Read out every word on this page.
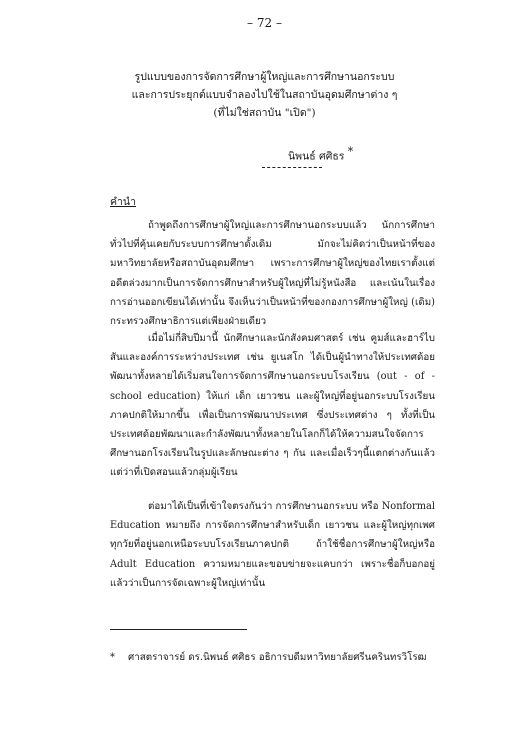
– 72 –
รูปแบบของการจัดการศึกษาผู้ใหญ่และการศึกษานอกระบบ
และการประยุกต์แบบจำลองไปใช้ในสถาบันอุดมศึกษาต่าง ๆ
(ที่ไม่ใช่สถาบัน "เปิด")
นิพนธ์ ศศิธร *
คำนำ
ถ้าพูดถึงการศึกษาผู้ใหญ่และการศึกษานอกระบบแล้ว นักการศึกษาทั่วไปที่คุ้นเคยกับระบบการศึกษาดั้งเดิม มักจะไม่คิดว่าเป็นหน้าที่ของมหาวิทยาลัยหรือสถาบันอุดมศึกษา เพราะการศึกษาผู้ใหญ่ของไทยเราตั้งแต่อดีตล่วงมากเป็นการจัดการศึกษาสำหรับผู้ใหญ่ที่ไม่รู้หนังสือ และเน้นในเรื่องการอ่านออกเขียนได้เท่านั้น จึงเห็นว่าเป็นหน้าที่ของกองการศึกษาผู้ใหญ่ (เดิม) กระทรวงศึกษาธิการแต่เพียงฝ่ายเดียว
เมื่อไม่กี่สิบปีมานี้ นักศึกษาและนักสังคมศาสตร์ เช่น คูมส์และฮาร์ไบสันและองค์การระหว่างประเทศ เช่น ยูเนสโก ได้เป็นผู้นำทางให้ประเทศด้อยพัฒนาทั้งหลายได้เริ่มสนใจการจัดการศึกษานอกระบบโรงเรียน (out - of - school education) ให้แก่ เด็ก เยาวชน และผู้ใหญ่ที่อยู่นอกระบบโรงเรียนภาคปกติให้มากขึ้น เพื่อเป็นการพัฒนาประเทศ ซึ่งประเทศต่าง ๆ ทั้งที่เป็นประเทศด้อยพัฒนาและกำลังพัฒนาทั้งหลายในโลกก็ได้ให้ความสนใจจัดการศึกษานอกโรงเรียนในรูปและลักษณะต่าง ๆ กัน และเมื่อเร็วๆนี้แตกต่างกันแล้วแต่ว่าที่เปิดสอนแล้วกลุ่มผู้เรียน
ต่อมาได้เป็นที่เข้าใจตรงกันว่า การศึกษานอกระบบ หรือ Nonformal Education หมายถึง การจัดการศึกษาสำหรับเด็ก เยาวชน และผู้ใหญ่ทุกเพศทุกวัยที่อยู่นอกเหนือระบบโรงเรียนภาคปกติ ถ้าใช้ชื่อการศึกษาผู้ใหญ่หรือ Adult Education ความหมายและขอบข่ายจะแคบกว่า เพราะชื่อก็บอกอยู่แล้วว่าเป็นการจัดเฉพาะผู้ใหญ่เท่านั้น
* ศาสตราจารย์ ดร.นิพนธ์ ศศิธร อธิการบดีมหาวิทยาลัยศรีนครินทรวิโรฒ
